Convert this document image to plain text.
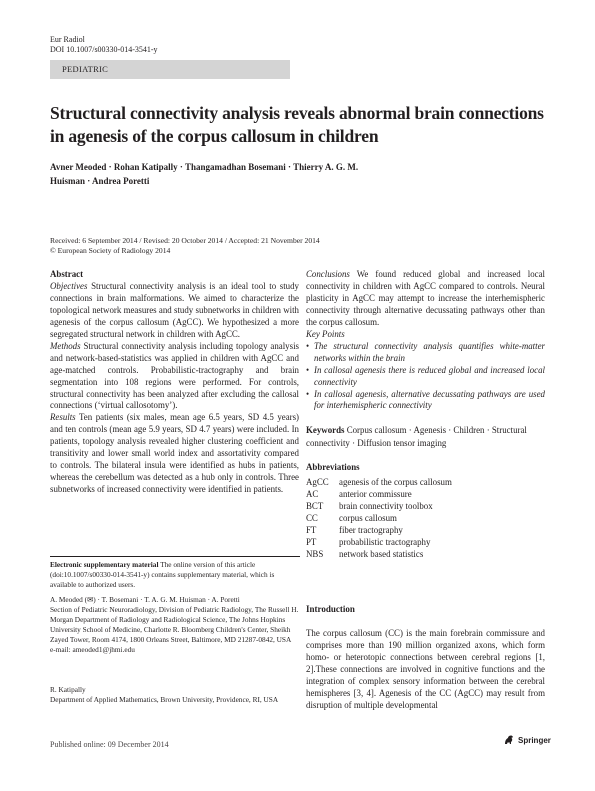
Eur Radiol
DOI 10.1007/s00330-014-3541-y
PEDIATRIC
Structural connectivity analysis reveals abnormal brain connections in agenesis of the corpus callosum in children
Avner Meoded · Rohan Katipally · Thangamadhan Bosemani · Thierry A. G. M. Huisman · Andrea Poretti
Received: 6 September 2014 / Revised: 20 October 2014 / Accepted: 21 November 2014
© European Society of Radiology 2014
Abstract

Objectives Structural connectivity analysis is an ideal tool to study connections in brain malformations. We aimed to characterize the topological network measures and study subnetworks in children with agenesis of the corpus callosum (AgCC). We hypothesized a more segregated structural network in children with AgCC.

Methods Structural connectivity analysis including topology analysis and network-based-statistics was applied in children with AgCC and age-matched controls. Probabilistic-tractography and brain segmentation into 108 regions were performed. For controls, structural connectivity has been analyzed after excluding the callosal connections (‘virtual callosotomy’).

Results Ten patients (six males, mean age 6.5 years, SD 4.5 years) and ten controls (mean age 5.9 years, SD 4.7 years) were included. In patients, topology analysis revealed higher clustering coefficient and transitivity and lower small world index and assortativity compared to controls. The bilateral insula were identified as hubs in patients, whereas the cerebellum was detected as a hub only in controls. Three subnetworks of increased connectivity were identified in patients.

Conclusions We found reduced global and increased local connectivity in children with AgCC compared to controls. Neural plasticity in AgCC may attempt to increase the interhemispheric connectivity through alternative decussating pathways other than the corpus callosum.

Key Points
• The structural connectivity analysis quantifies white-matter networks within the brain
• In callosal agenesis there is reduced global and increased local connectivity
• In callosal agenesis, alternative decussating pathways are used for interhemispheric connectivity

Keywords Corpus callosum · Agenesis · Children · Structural connectivity · Diffusion tensor imaging

Abbreviations
AgCC	agenesis of the corpus callosum
AC	anterior commissure
BCT	brain connectivity toolbox
CC	corpus callosum
FT	fiber tractography
PT	probabilistic tractography
NBS	network based statistics
Introduction

The corpus callosum (CC) is the main forebrain commissure and comprises more than 190 million organized axons, which form homo- or heterotopic connections between cerebral regions [1, 2].These connections are involved in cognitive functions and the integration of complex sensory information between the cerebral hemispheres [3, 4]. Agenesis of the CC (AgCC) may result from disruption of multiple developmental

Electronic supplementary material The online version of this article (doi:10.1007/s00330-014-3541-y) contains supplementary material, which is available to authorized users.

A. Meoded (✉) · T. Bosemani · T. A. G. M. Huisman · A. Poretti
Section of Pediatric Neuroradiology, Division of Pediatric Radiology, The Russell H. Morgan Department of Radiology and Radiological Science, The Johns Hopkins University School of Medicine, Charlotte R. Bloomberg Children's Center, Sheikh Zayed Tower, Room 4174, 1800 Orleans Street, Baltimore, MD 21287-0842, USA
e-mail: ameoded1@jhmi.edu
R. Katipally
Department of Applied Mathematics, Brown University, Providence, RI, USA
Published online: 09 December 2014	Springer
